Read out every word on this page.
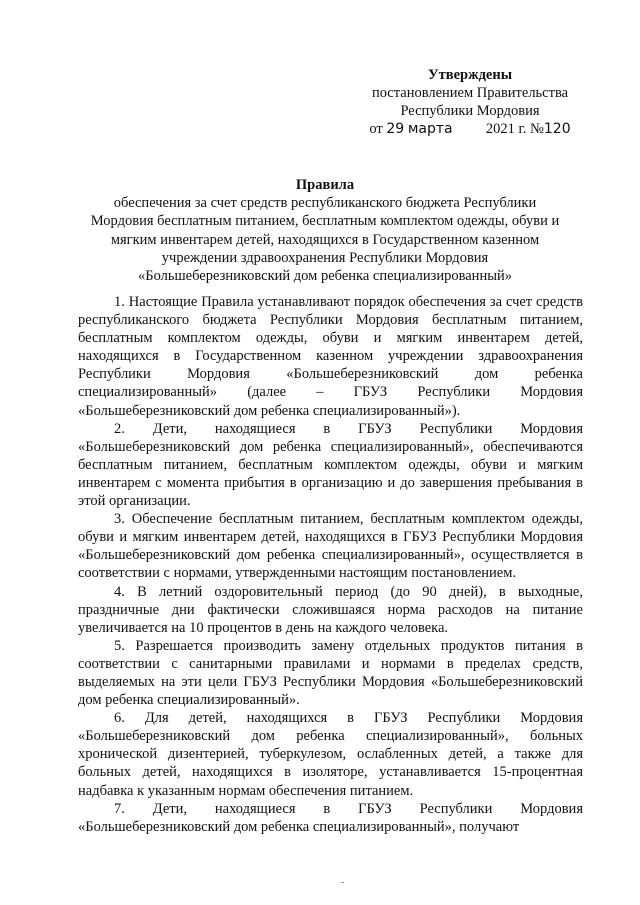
Утверждены
постановлением Правительства
Республики Мордовия
от 29 марта 2021 г. №120
Правила
обеспечения за счет средств республиканского бюджета Республики
Мордовия бесплатным питанием, бесплатным комплектом одежды, обуви и
мягким инвентарем детей, находящихся в Государственном казенном
учреждении здравоохранения Республики Мордовия
«Большеберезниковский дом ребенка специализированный»

1. Настоящие Правила устанавливают порядок обеспечения за счет средств республиканского бюджета Республики Мордовия бесплатным питанием, бесплатным комплектом одежды, обуви и мягким инвентарем детей, находящихся в Государственном казенном учреждении здравоохранения Республики Мордовия «Большеберезниковский дом ребенка специализированный» (далее – ГБУЗ Республики Мордовия «Большеберезниковский дом ребенка специализированный»).

2. Дети, находящиеся в ГБУЗ Республики Мордовия «Большеберезниковский дом ребенка специализированный», обеспечиваются бесплатным питанием, бесплатным комплектом одежды, обуви и мягким инвентарем с момента прибытия в организацию и до завершения пребывания в этой организации.

3. Обеспечение бесплатным питанием, бесплатным комплектом одежды, обуви и мягким инвентарем детей, находящихся в ГБУЗ Республики Мордовия «Большеберезниковский дом ребенка специализированный», осуществляется в соответствии с нормами, утвержденными настоящим постановлением.

4. В летний оздоровительный период (до 90 дней), в выходные, праздничные дни фактически сложившаяся норма расходов на питание увеличивается на 10 процентов в день на каждого человека.

5. Разрешается производить замену отдельных продуктов питания в соответствии с санитарными правилами и нормами в пределах средств, выделяемых на эти цели ГБУЗ Республики Мордовия «Большеберезниковский дом ребенка специализированный».

6. Для детей, находящихся в ГБУЗ Республики Мордовия «Большеберезниковский дом ребенка специализированный», больных хронической дизентерией, туберкулезом, ослабленных детей, а также для больных детей, находящихся в изоляторе, устанавливается 15-процентная надбавка к указанным нормам обеспечения питанием.

7. Дети, находящиеся в ГБУЗ Республики Мордовия «Большеберезниковский дом ребенка специализированный», получают
